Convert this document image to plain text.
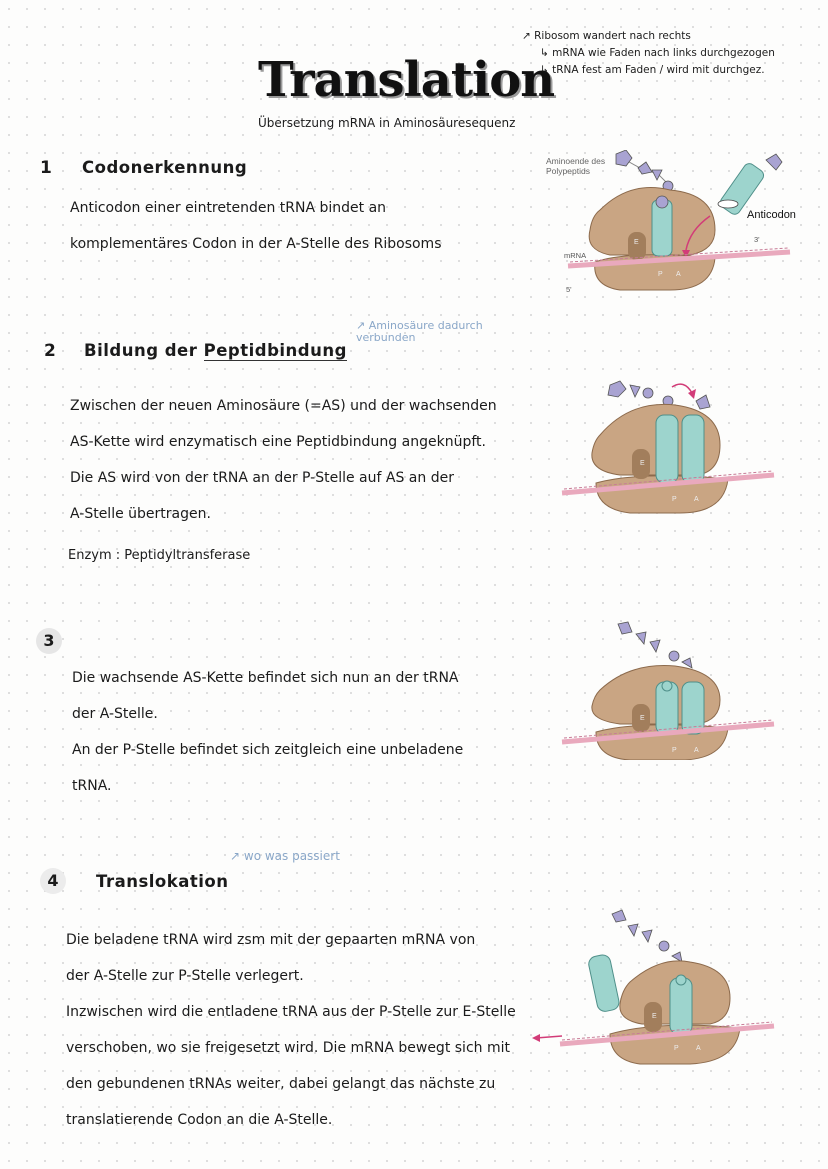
Translation
Übersetzung mRNA in Aminosäuresequenz
↗ Ribosom wandert nach rechts
↳ mRNA wie Faden nach links durchgezogen
↳ tRNA fest am Faden / wird mit durchgez.
1 Codonerkennung
Anticodon einer eintretenden tRNA bindet an
komplementäres Codon in der A-Stelle des Ribosoms
2 Bildung der Peptidbindung
↗ Aminosäure dadurch verbunden
Zwischen der neuen Aminosäure (=AS) und der wachsenden
AS-Kette wird enzymatisch eine Peptidbindung angeknüpft.
Die AS wird von der tRNA an der P-Stelle auf AS an der
A-Stelle übertragen.
Enzym : Peptidyltransferase
3
Die wachsende AS-Kette befindet sich nun an der tRNA
der A-Stelle.
An der P-Stelle befindet sich zeitgleich eine unbeladene
tRNA.
4	Translokation
↗ wo was passiert
Die beladene tRNA wird zsm mit der gepaarten mRNA von
der A-Stelle zur P-Stelle verlegert.
Inzwischen wird die entladene tRNA aus der P-Stelle zur E-Stelle
verschoben, wo sie freigesetzt wird. Die mRNA bewegt sich mit
den gebundenen tRNAs weiter, dabei gelangt das nächste zu
translatierende Codon an die A-Stelle.
Aminoende des
Polypeptids
E
Anticodon
mRNA
5'
3'
P A
E
P A
E
P A
E
P A
